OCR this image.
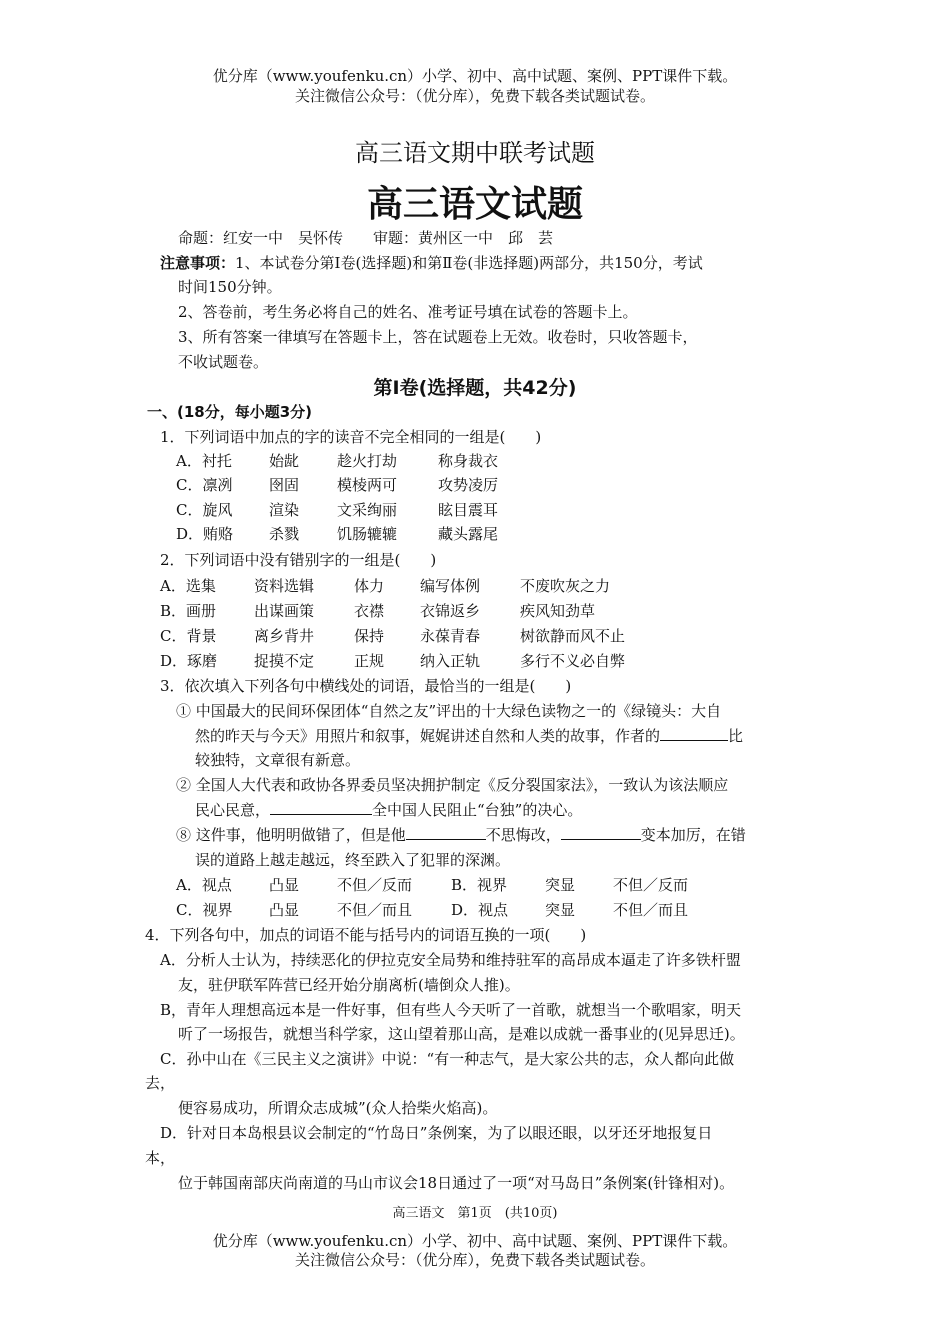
优分库（www.youfenku.cn）小学、初中、高中试题、案例、PPT课件下载。
关注微信公众号：（优分库），免费下载各类试题试卷。
高三语文期中联考试题
高三语文试题
命题：红安一中　吴怀传　　审题：黄州区一中　邱　芸
注意事项：1、本试卷分第Ⅰ卷(选择题)和第Ⅱ卷(非选择题)两部分，共150分，考试
时间150分钟。
2、答卷前，考生务必将自己的姓名、准考证号填在试卷的答题卡上。
3、所有答案一律填写在答题卡上，答在试题卷上无效。收卷时，只收答题卡，
不收试题卷。
第Ⅰ卷(选择题，共42分)
一、(18分，每小题3分)
1．下列词语中加点的字的读音不完全相同的一组是(　　)
A．衬托 始龀	趁火打劫	称身裁衣
C．凛冽 囹固	模棱两可	攻势凌厉
C．旋风 渲染	文采绚丽	眩目震耳
D．贿赂 杀戮	饥肠辘辘	藏头露尾
2．下列词语中没有错别字的一组是(　　)
A．选集	资料选辑	体力 编写体例	不废吹灰之力
B．画册	出谋画策	衣襟 衣锦返乡	疾风知劲草
C．背景	离乡背井	保持 永葆青春	树欲静而风不止
D．琢磨 捉摸不定	正规 纳入正轨	多行不义必自弊
3．依次填入下列各句中横线处的词语，最恰当的一组是(　　)
① 中国最大的民间环保团体“自然之友”评出的十大绿色读物之一的《绿镜头：大自
然的昨天与今天》用照片和叙事，娓娓讲述自然和人类的故事，作者的	比
较独特，文章很有新意。
② 全国人大代表和政协各界委员坚决拥护制定《反分裂国家法》，一致认为该法顺应
民心民意，	全中国人民阻止“台独”的决心。
⑧ 这件事，他明明做错了，但是他	不思悔改，	变本加厉，在错
误的道路上越走越远，终至跌入了犯罪的深渊。
A．视点 凸显	不但／反而	B．视界	突显	不但／反而
C．视界 凸显	不但／而且	D．视点 突显	不但／而且
4．下列各句中，加点的词语不能与括号内的词语互换的一项(　　)
A．分析人士认为，持续恶化的伊拉克安全局势和维持驻军的高昂成本逼走了许多铁杆盟
友，驻伊联军阵营已经开始分崩离析(墙倒众人推)。
B，青年人理想高远本是一件好事，但有些人今天听了一首歌，就想当一个歌唱家，明天
听了一场报告，就想当科学家，这山望着那山高，是难以成就一番事业的(见异思迁)。
C．孙中山在《三民主义之演讲》中说：“有一种志气，是大家公共的志，众人都向此做
去，
便容易成功，所谓众志成城”(众人拾柴火焰高)。
D．针对日本岛根县议会制定的“竹岛日”条例案，为了以眼还眼，以牙还牙地报复日
本，
位于韩国南部庆尚南道的马山市议会18日通过了一项“对马岛日”条例案(针锋相对)。
高三语文　第1页　(共10页)
优分库（www.youfenku.cn）小学、初中、高中试题、案例、PPT课件下载。
关注微信公众号：（优分库），免费下载各类试题试卷。
